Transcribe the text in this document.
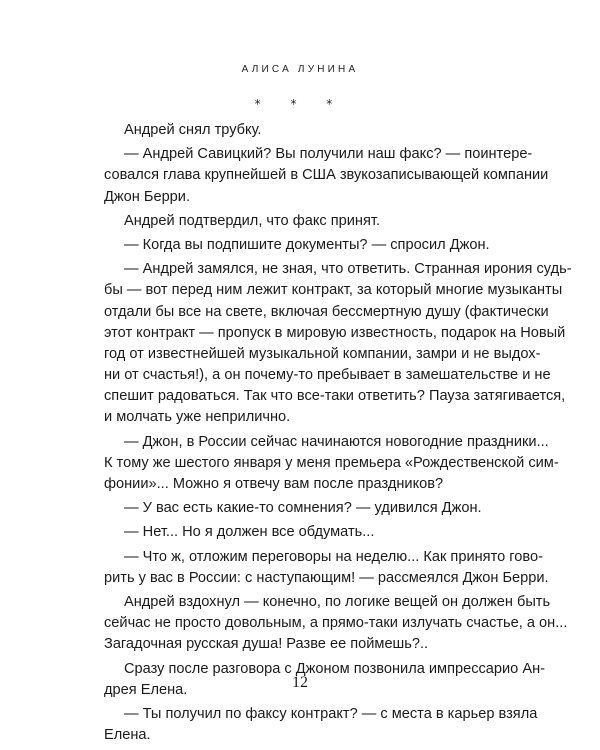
АЛИСА ЛУНИНА
* * *
Андрей снял трубку.
— Андрей Савицкий? Вы получили наш факс? — поинтере-
совался глава крупнейшей в США звукозаписывающей компании
Джон Берри.
Андрей подтвердил, что факс принят.
— Когда вы подпишите документы? — спросил Джон.
— Андрей замялся, не зная, что ответить. Странная ирония судь-
бы — вот перед ним лежит контракт, за который многие музыканты
отдали бы все на свете, включая бессмертную душу (фактически
этот контракт — пропуск в мировую известность, подарок на Новый
год от известнейшей музыкальной компании, замри и не выдох-
ни от счастья!), а он почему-то пребывает в замешательстве и не
спешит радоваться. Так что все-таки ответить? Пауза затягивается,
и молчать уже неприлично.
— Джон, в России сейчас начинаются новогодние праздники...
К тому же шестого января у меня премьера «Рождественской сим-
фонии»... Можно я отвечу вам после праздников?
— У вас есть какие-то сомнения? — удивился Джон.
— Нет... Но я должен все обдумать...
— Что ж, отложим переговоры на неделю... Как принято гово-
рить у вас в России: с наступающим! — рассмеялся Джон Берри.
Андрей вздохнул — конечно, по логике вещей он должен быть
сейчас не просто довольным, а прямо-таки излучать счастье, а он...
Загадочная русская душа! Разве ее поймешь?..
Сразу после разговора с Джоном позвонила импрессарио Ан-
дрея Елена.
— Ты получил по факсу контракт? — с места в карьер взяла
Елена.
12
